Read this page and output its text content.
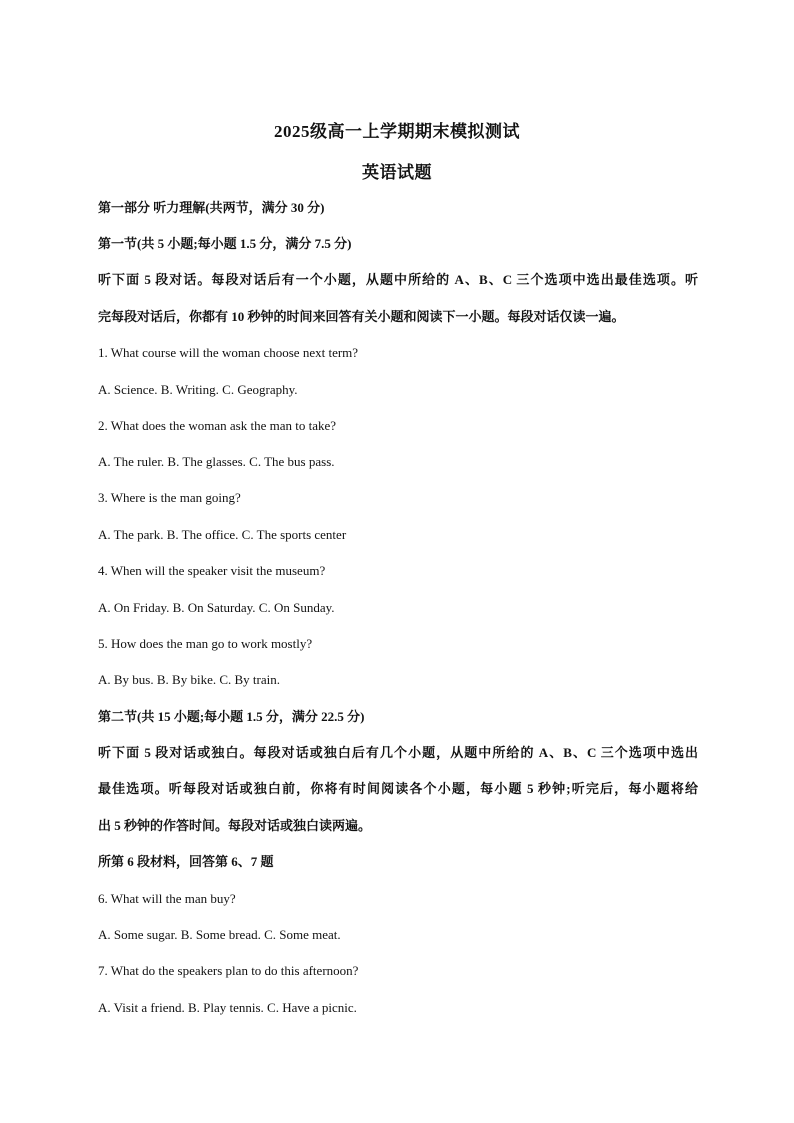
2025级高一上学期期末模拟测试
英语试题
第一部分 听力理解(共两节，满分 30 分)
第一节(共 5 小题;每小题 1.5 分，满分 7.5 分)
听下面 5 段对话。每段对话后有一个小题，从题中所给的 A、B、C 三个选项中选出最佳选项。听
完每段对话后，你都有 10 秒钟的时间来回答有关小题和阅读下一小题。每段对话仅读一遍。
1. What course will the woman choose next term?
A. Science. B. Writing. C. Geography.
2. What does the woman ask the man to take?
A. The ruler. B. The glasses. C. The bus pass.
3. Where is the man going?
A. The park. B. The office. C. The sports center
4. When will the speaker visit the museum?
A. On Friday. B. On Saturday. C. On Sunday.
5. How does the man go to work mostly?
A. By bus. B. By bike. C. By train.
第二节(共 15 小题;每小题 1.5 分，满分 22.5 分)
听下面 5 段对话或独白。每段对话或独白后有几个小题，从题中所给的 A、B、C 三个选项中选出
最佳选项。听每段对话或独白前，你将有时间阅读各个小题，每小题 5 秒钟;听完后，每小题将给
出 5 秒钟的作答时间。每段对话或独白读两遍。
所第 6 段材料，回答第 6、7 题
6. What will the man buy?
A. Some sugar. B. Some bread. C. Some meat.
7. What do the speakers plan to do this afternoon?
A. Visit a friend. B. Play tennis. C. Have a picnic.
